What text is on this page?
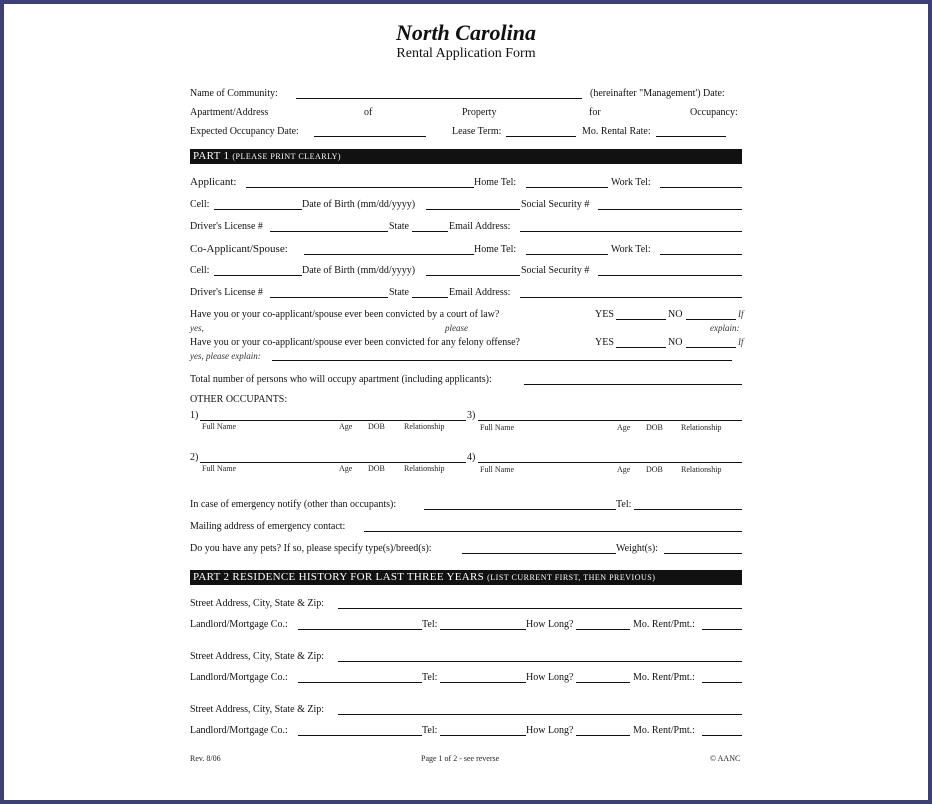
North Carolina
Rental Application Form
Name of Community:	(hereinafter "Management') Date:
Apartment/Address	of	Property	for	Occupancy:
Expected Occupancy Date:	Lease Term:	Mo. Rental Rate:
PART 1 (PLEASE PRINT CLEARLY)
Applicant:	Home Tel:	Work Tel:
Cell:	Date of Birth (mm/dd/yyyy)	Social Security #
Driver's License #	State	Email Address:
Co-Applicant/Spouse:	Home Tel:	Work Tel:
Cell:	Date of Birth (mm/dd/yyyy)	Social Security #
Driver's License #	State	Email Address:
Have you or your co-applicant/spouse ever been convicted by a court of law?	YES	NO	If
yes,	please	explain:
Have you or your co-applicant/spouse ever been convicted for any felony offense?	YES	NO	If
yes, please explain:
Total number of persons who will occupy apartment (including applicants):
OTHER OCCUPANTS:
1)
Full Name	Age DOB Relationship
3)
Full Name	Age DOB Relationship
2)
Full Name	Age DOB Relationship
4)
Full Name	Age DOB Relationship
In case of emergency notify (other than occupants):	Tel:
Mailing address of emergency contact:
Do you have any pets? If so, please specify type(s)/breed(s):	Weight(s):
PART 2 RESIDENCE HISTORY FOR LAST THREE YEARS (LIST CURRENT FIRST, THEN PREVIOUS)
Street Address, City, State & Zip:
Landlord/Mortgage Co.:	Tel:	How Long?	Mo. Rent/Pmt.:
Street Address, City, State & Zip:
Landlord/Mortgage Co.:	Tel:	How Long?	Mo. Rent/Pmt.:
Street Address, City, State & Zip:
Landlord/Mortgage Co.:	Tel:	How Long?	Mo. Rent/Pmt.:
Rev. 8/06	Page 1 of 2 - see reverse	© AANC
